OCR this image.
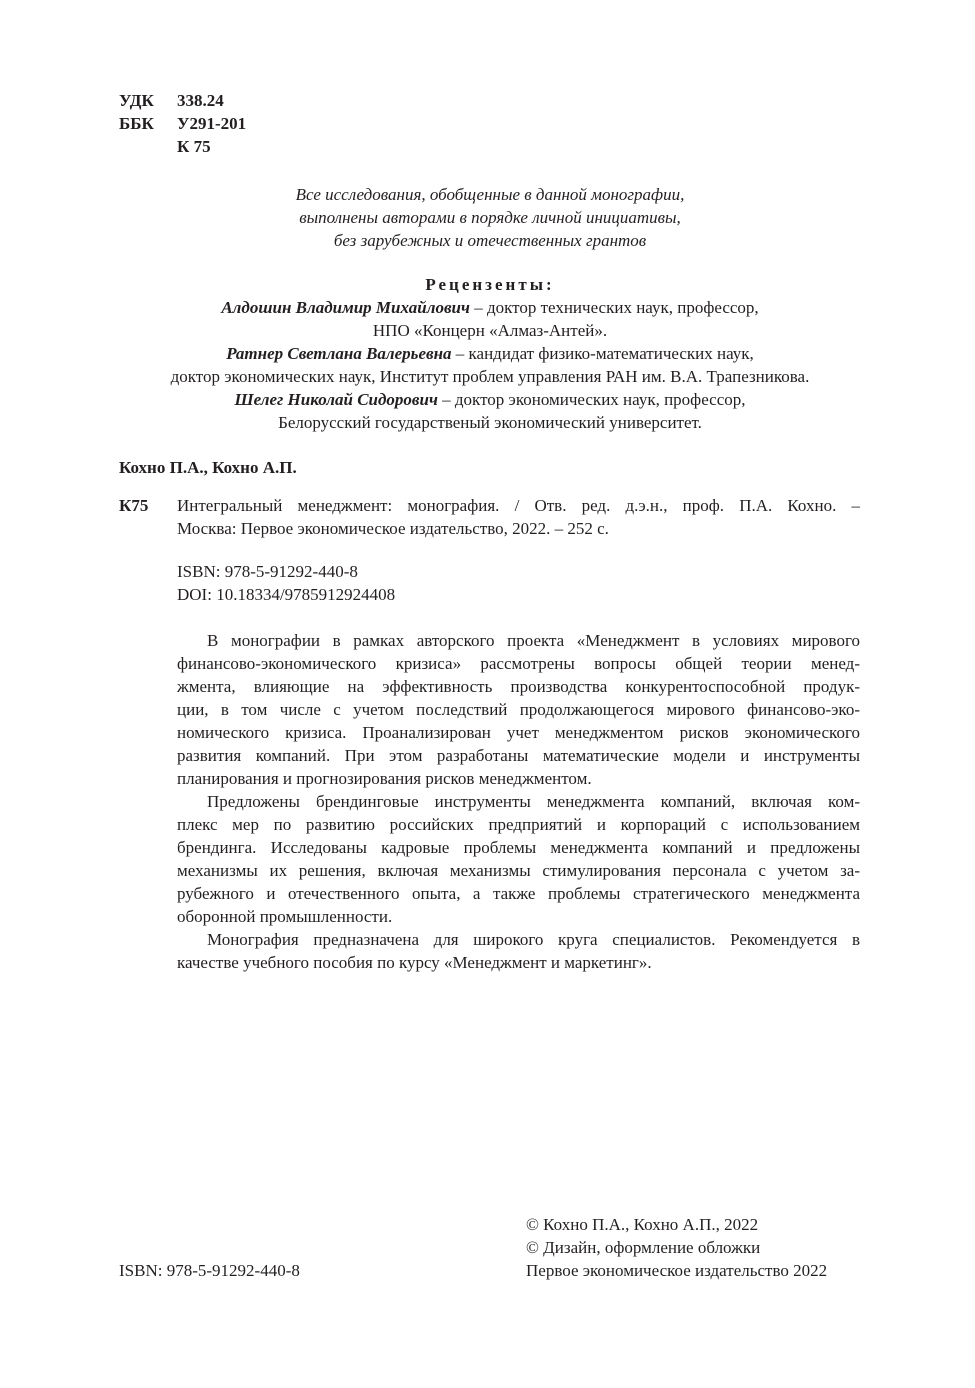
УДК 338.24
ББК У291-201
К 75
Все исследования, обобщенные в данной монографии,
выполнены авторами в порядке личной инициативы,
без зарубежных и отечественных грантов
Рецензенты:
Алдошин Владимир Михайлович – доктор технических наук, профессор,
НПО «Концерн «Алмаз-Антей».
Ратнер Светлана Валерьевна – кандидат физико-математических наук,
доктор экономических наук, Институт проблем управления РАН им. В.А. Трапезникова.
Шелег Николай Сидорович – доктор экономических наук, профессор,
Белорусский государственый экономический университет.
Кохно П.А., Кохно А.П.
К75 Интегральный менеджмент: монография. / Отв. ред. д.э.н., проф. П.А. Кохно. –
Москва: Первое экономическое издательство, 2022. – 252 с.
ISBN: 978-5-91292-440-8
DOI: 10.18334/9785912924408
В монографии в рамках авторского проекта «Менеджмент в условиях мирового
финансово-экономического кризиса» рассмотрены вопросы общей теории менед-
жмента, влияющие на эффективность производства конкурентоспособной продук-
ции, в том числе с учетом последствий продолжающегося мирового финансово-эко-
номического кризиса. Проанализирован учет менеджментом рисков экономического
развития компаний. При этом разработаны математические модели и инструменты
планирования и прогнозирования рисков менеджментом.
Предложены брендинговые инструменты менеджмента компаний, включая ком-
плекс мер по развитию российских предприятий и корпораций с использованием
брендинга. Исследованы кадровые проблемы менеджмента компаний и предложены
механизмы их решения, включая механизмы стимулирования персонала с учетом за-
рубежного и отечественного опыта, а также проблемы стратегического менеджмента
оборонной промышленности.
Монография предназначена для широкого круга специалистов. Рекомендуется в
качестве учебного пособия по курсу «Менеджмент и маркетинг».
ISBN: 978-5-91292-440-8
© Кохно П.А., Кохно А.П., 2022
© Дизайн, оформление обложки
Первое экономическое издательство 2022
